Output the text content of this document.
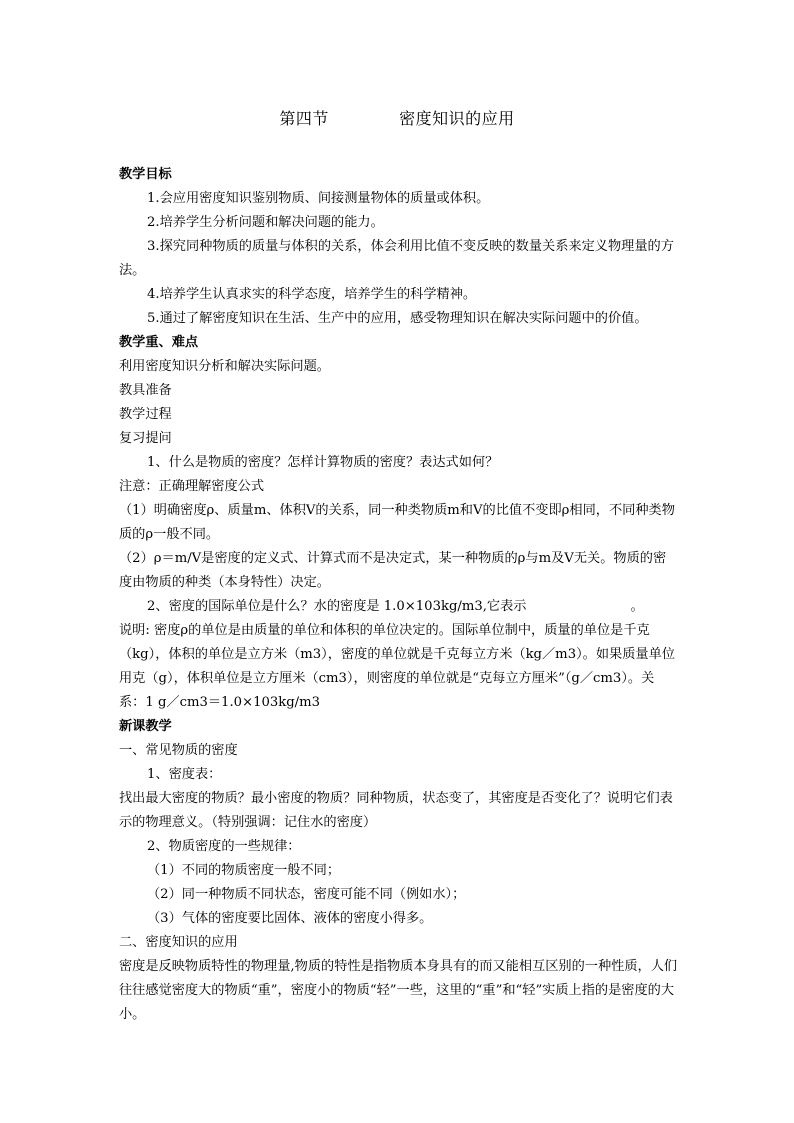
第四节    密度知识的应用

教学目标

1.会应用密度知识鉴别物质、间接测量物体的质量或体积。

2.培养学生分析问题和解决问题的能力。

3.探究同种物质的质量与体积的关系，体会利用比值不变反映的数量关系来定义物理量的方法。

4.培养学生认真求实的科学态度，培养学生的科学精神。

5.通过了解密度知识在生活、生产中的应用，感受物理知识在解决实际问题中的价值。

教学重、难点

利用密度知识分析和解决实际问题。

教具准备

教学过程

复习提问

1、什么是物质的密度？怎样计算物质的密度？表达式如何？

注意：正确理解密度公式

（1）明确密度ρ、质量m、体积V的关系，同一种类物质m和V的比值不变即ρ相同，不同种类物质的ρ一般不同。

（2）ρ＝m/V是密度的定义式、计算式而不是决定式，某一种物质的ρ与m及V无关。物质的密度由物质的种类（本身特性）决定。

2、密度的国际单位是什么？水的密度是 1.0×103kg/m3,它表示	。

说明: 密度ρ的单位是由质量的单位和体积的单位决定的。国际单位制中，质量的单位是千克（kg），体积的单位是立方米（m3），密度的单位就是千克每立方米（kg／m3）。如果质量单位用克（g），体积单位是立方厘米（cm3），则密度的单位就是“克每立方厘米”（g／cm3）。关系：1 g／cm3＝1.0×103kg/m3

新课教学

一、常见物质的密度

1、密度表：

找出最大密度的物质？最小密度的物质？同种物质，状态变了，其密度是否变化了？说明它们表示的物理意义。（特别强调：记住水的密度）

2、物质密度的一些规律：

（1）不同的物质密度一般不同；

（2）同一种物质不同状态，密度可能不同（例如水）；

（3）气体的密度要比固体、液体的密度小得多。

二、密度知识的应用

密度是反映物质特性的物理量,物质的特性是指物质本身具有的而又能相互区别的一种性质，人们往往感觉密度大的物质“重”，密度小的物质“轻”一些，这里的“重”和“轻”实质上指的是密度的大小。
